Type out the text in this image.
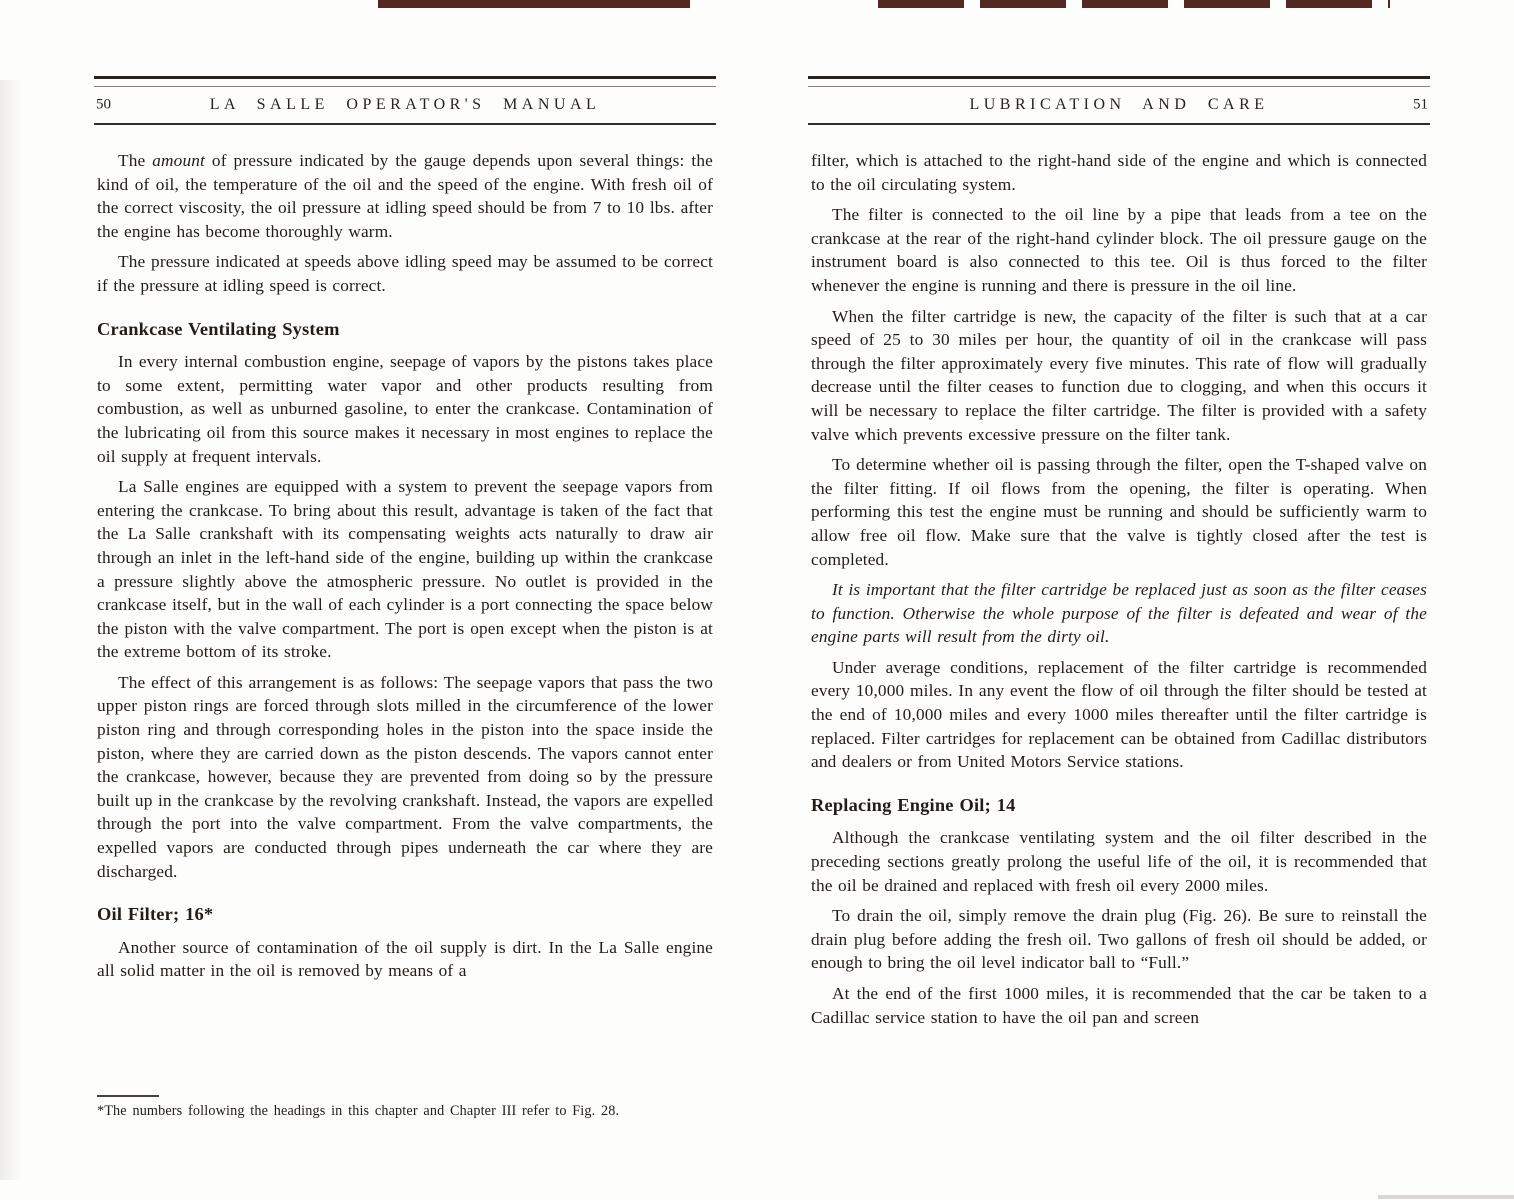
50	LA SALLE OPERATOR'S MANUAL

The amount of pressure indicated by the gauge depends upon several things: the kind of oil, the temperature of the oil and the speed of the engine. With fresh oil of the correct viscosity, the oil pressure at idling speed should be from 7 to 10 lbs. after the engine has become thoroughly warm.

The pressure indicated at speeds above idling speed may be assumed to be correct if the pressure at idling speed is correct.

Crankcase Ventilating System

In every internal combustion engine, seepage of vapors by the pistons takes place to some extent, permitting water vapor and other products resulting from combustion, as well as unburned gasoline, to enter the crankcase. Contamination of the lubricating oil from this source makes it necessary in most engines to replace the oil supply at frequent intervals.

La Salle engines are equipped with a system to prevent the seepage vapors from entering the crankcase. To bring about this result, advantage is taken of the fact that the La Salle crankshaft with its compensating weights acts naturally to draw air through an inlet in the left-hand side of the engine, building up within the crankcase a pressure slightly above the atmospheric pressure. No outlet is provided in the crankcase itself, but in the wall of each cylinder is a port connecting the space below the piston with the valve compartment. The port is open except when the piston is at the extreme bottom of its stroke.

The effect of this arrangement is as follows: The seepage vapors that pass the two upper piston rings are forced through slots milled in the circumference of the lower piston ring and through corresponding holes in the piston into the space inside the piston, where they are carried down as the piston descends. The vapors cannot enter the crankcase, however, because they are prevented from doing so by the pressure built up in the crankcase by the revolving crankshaft. Instead, the vapors are expelled through the port into the valve compartment. From the valve compartments, the expelled vapors are conducted through pipes underneath the car where they are discharged.

Oil Filter; 16*

Another source of contamination of the oil supply is dirt. In the La Salle engine all solid matter in the oil is removed by means of a

*The numbers following the headings in this chapter and Chapter III refer to Fig. 28.

LUBRICATION AND CARE	51

filter, which is attached to the right-hand side of the engine and which is connected to the oil circulating system.

The filter is connected to the oil line by a pipe that leads from a tee on the crankcase at the rear of the right-hand cylinder block. The oil pressure gauge on the instrument board is also connected to this tee. Oil is thus forced to the filter whenever the engine is running and there is pressure in the oil line.

When the filter cartridge is new, the capacity of the filter is such that at a car speed of 25 to 30 miles per hour, the quantity of oil in the crankcase will pass through the filter approximately every five minutes. This rate of flow will gradually decrease until the filter ceases to function due to clogging, and when this occurs it will be necessary to replace the filter cartridge. The filter is provided with a safety valve which prevents excessive pressure on the filter tank.

To determine whether oil is passing through the filter, open the T-shaped valve on the filter fitting. If oil flows from the opening, the filter is operating. When performing this test the engine must be running and should be sufficiently warm to allow free oil flow. Make sure that the valve is tightly closed after the test is completed.

It is important that the filter cartridge be replaced just as soon as the filter ceases to function. Otherwise the whole purpose of the filter is defeated and wear of the engine parts will result from the dirty oil.

Under average conditions, replacement of the filter cartridge is recommended every 10,000 miles. In any event the flow of oil through the filter should be tested at the end of 10,000 miles and every 1000 miles thereafter until the filter cartridge is replaced. Filter cartridges for replacement can be obtained from Cadillac distributors and dealers or from United Motors Service stations.

Replacing Engine Oil; 14

Although the crankcase ventilating system and the oil filter described in the preceding sections greatly prolong the useful life of the oil, it is recommended that the oil be drained and replaced with fresh oil every 2000 miles.

To drain the oil, simply remove the drain plug (Fig. 26). Be sure to reinstall the drain plug before adding the fresh oil. Two gallons of fresh oil should be added, or enough to bring the oil level indicator ball to “Full.”

At the end of the first 1000 miles, it is recommended that the car be taken to a Cadillac service station to have the oil pan and screen
